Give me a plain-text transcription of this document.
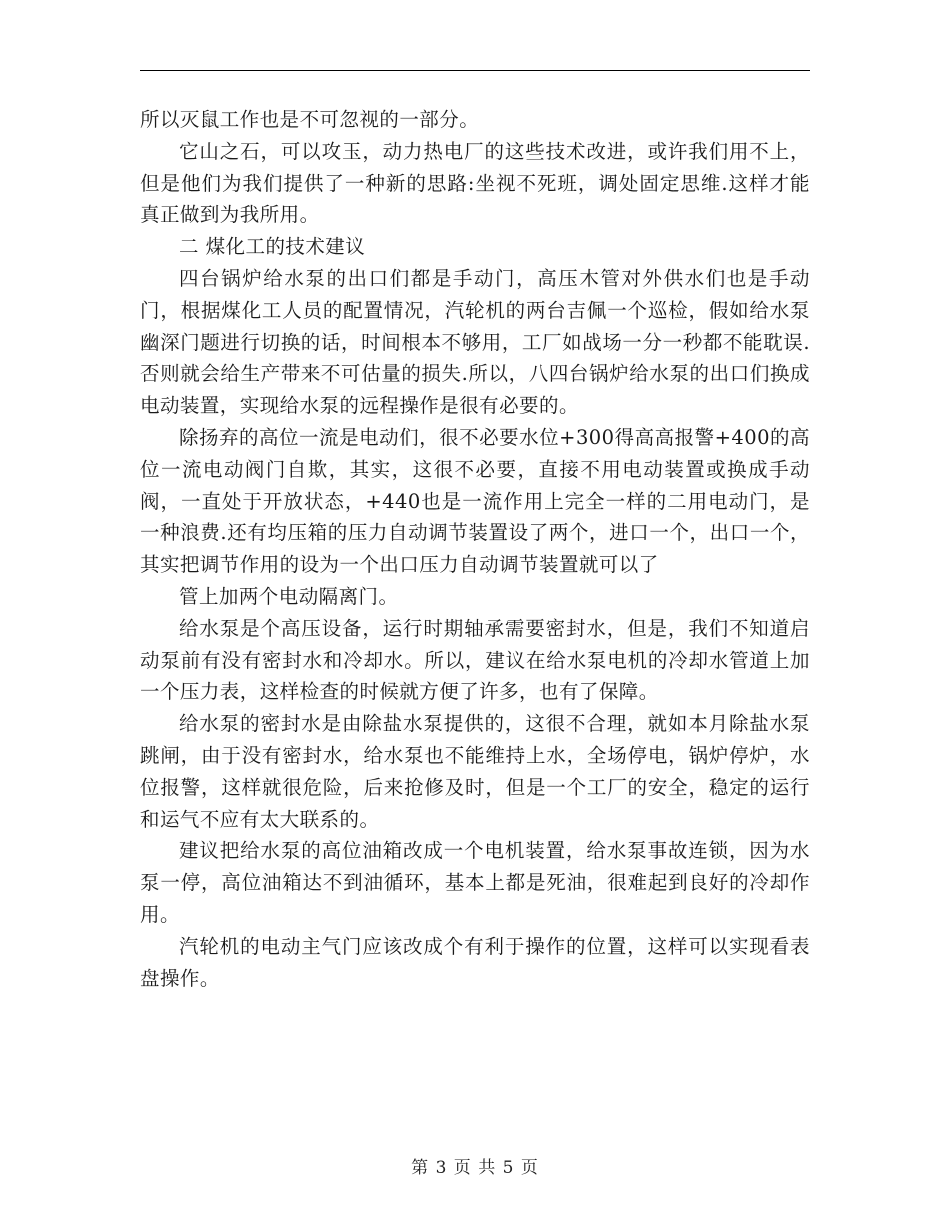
所以灭鼠工作也是不可忽视的一部分。

它山之石，可以攻玉，动力热电厂的这些技术改进，或许我们用不上，但是他们为我们提供了一种新的思路:坐视不死班，调处固定思维.这样才能真正做到为我所用。

二 煤化工的技术建议

四台锅炉给水泵的出口们都是手动门，高压木管对外供水们也是手动门，根据煤化工人员的配置情况，汽轮机的两台吉佩一个巡检，假如给水泵幽深门题进行切换的话，时间根本不够用，工厂如战场一分一秒都不能耽误.否则就会给生产带来不可估量的损失.所以，八四台锅炉给水泵的出口们换成电动装置，实现给水泵的远程操作是很有必要的。

除扬弃的高位一流是电动们，很不必要水位+300得高高报警+400的高位一流电动阀门自欺，其实，这很不必要，直接不用电动装置或换成手动阀，一直处于开放状态，+440也是一流作用上完全一样的二用电动门，是一种浪费.还有均压箱的压力自动调节装置设了两个，进口一个，出口一个，其实把调节作用的设为一个出口压力自动调节装置就可以了

管上加两个电动隔离门。

给水泵是个高压设备，运行时期轴承需要密封水，但是，我们不知道启动泵前有没有密封水和冷却水。所以，建议在给水泵电机的冷却水管道上加一个压力表，这样检查的时候就方便了许多，也有了保障。

给水泵的密封水是由除盐水泵提供的，这很不合理，就如本月除盐水泵跳闸，由于没有密封水，给水泵也不能维持上水，全场停电，锅炉停炉，水位报警，这样就很危险，后来抢修及时，但是一个工厂的安全，稳定的运行和运气不应有太大联系的。

建议把给水泵的高位油箱改成一个电机装置，给水泵事故连锁，因为水泵一停，高位油箱达不到油循环，基本上都是死油，很难起到良好的冷却作用。

汽轮机的电动主气门应该改成个有利于操作的位置，这样可以实现看表盘操作。

第 3 页 共 5 页
